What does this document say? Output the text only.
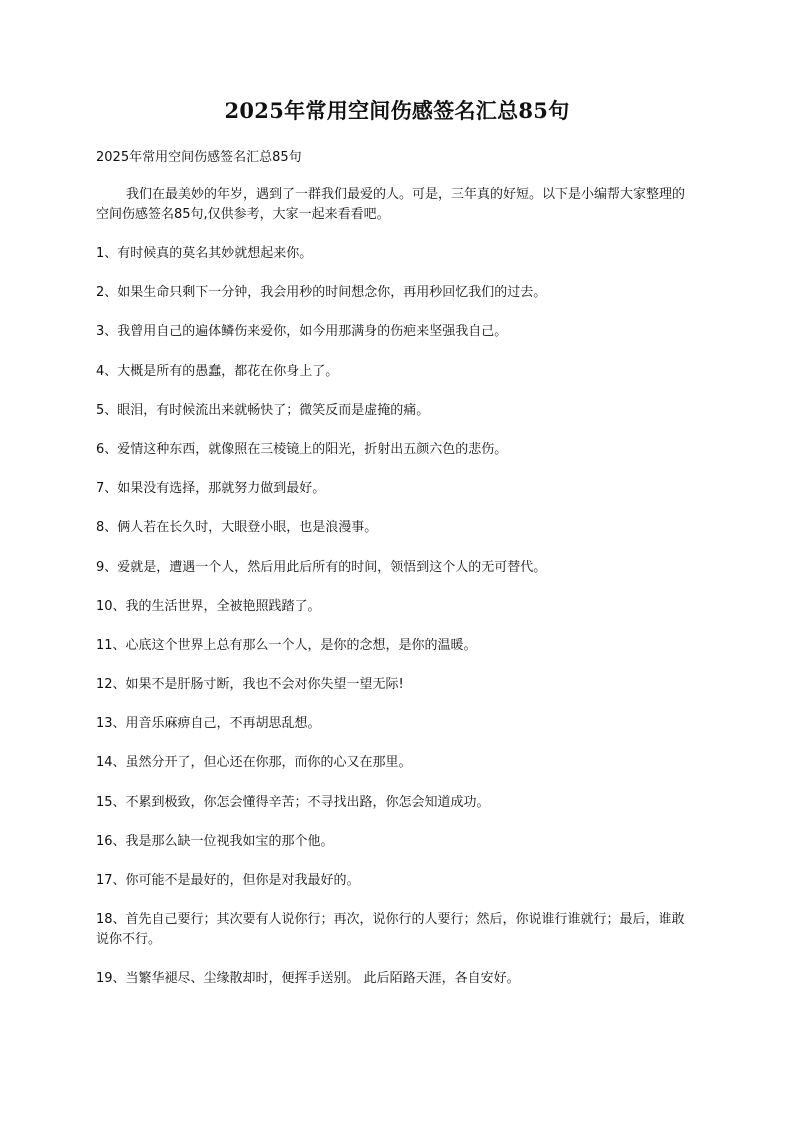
2025年常用空间伤感签名汇总85句
2025年常用空间伤感签名汇总85句

我们在最美妙的年岁，遇到了一群我们最爱的人。可是，三年真的好短。以下是小编帮大家整理的空间伤感签名85句,仅供参考，大家一起来看看吧。

1、有时候真的莫名其妙就想起来你。
2、如果生命只剩下一分钟，我会用秒的时间想念你，再用秒回忆我们的过去。
3、我曾用自己的遍体鳞伤来爱你，如今用那满身的伤疤来坚强我自己。
4、大概是所有的愚蠢，都花在你身上了。
5、眼泪，有时候流出来就畅快了；微笑反而是虚掩的痛。
6、爱情这种东西，就像照在三棱镜上的阳光，折射出五颜六色的悲伤。
7、如果没有选择，那就努力做到最好。
8、俩人若在长久时，大眼登小眼，也是浪漫事。
9、爱就是，遭遇一个人，然后用此后所有的时间，领悟到这个人的无可替代。
10、我的生活世界，全被艳照践踏了。
11、心底这个世界上总有那么一个人，是你的念想，是你的温暖。
12、如果不是肝肠寸断，我也不会对你失望一望无际!
13、用音乐麻痹自己，不再胡思乱想。
14、虽然分开了，但心还在你那，而你的心又在那里。
15、不累到极致，你怎会懂得辛苦；不寻找出路，你怎会知道成功。
16、我是那么缺一位视我如宝的那个他。
17、你可能不是最好的，但你是对我最好的。
18、首先自己要行；其次要有人说你行；再次，说你行的人要行；然后，你说谁行谁就行；最后，谁敢说你不行。
19、当繁华褪尽、尘缘散却时，便挥手送别。 此后陌路天涯，各自安好。
